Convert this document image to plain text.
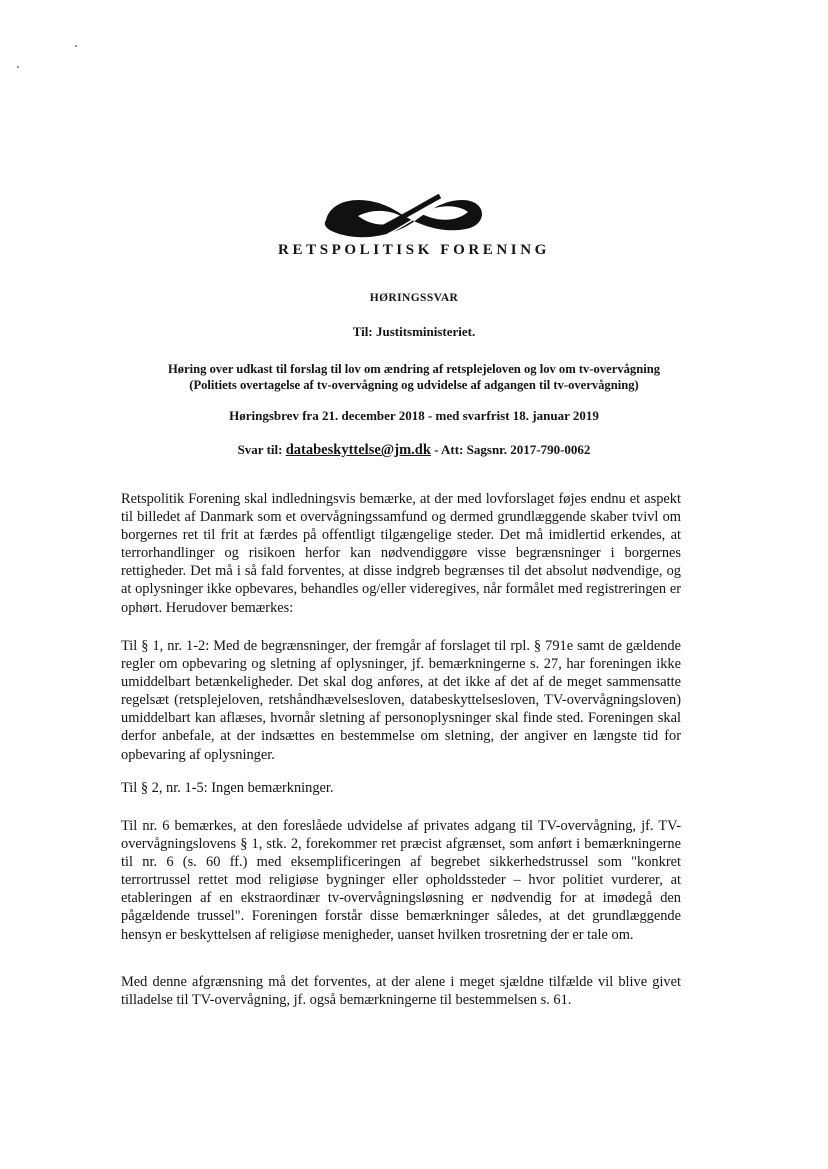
RETSPOLITISK FORENING
HØRINGSSVAR
Til: Justitsministeriet.
Høring over udkast til forslag til lov om ændring af retsplejeloven og lov om tv-overvågning
(Politiets overtagelse af tv-overvågning og udvidelse af adgangen til tv-overvågning)
Høringsbrev fra 21. december 2018 - med svarfrist 18. januar 2019
Svar til: databeskyttelse@jm.dk - Att: Sagsnr. 2017-790-0062

Retspolitik Forening skal indledningsvis bemærke, at der med lovforslaget føjes endnu et aspekt til billedet af Danmark som et overvågningssamfund og dermed grundlæggende skaber tvivl om borgernes ret til frit at færdes på offentligt tilgængelige steder. Det må imidlertid erkendes, at terrorhandlinger og risikoen herfor kan nødvendiggøre visse begrænsninger i borgernes rettigheder. Det må i så fald forventes, at disse indgreb begrænses til det absolut nødvendige, og at oplysninger ikke opbevares, behandles og/eller videregives, når formålet med registreringen er ophørt. Herudover bemærkes:

Til § 1, nr. 1-2: Med de begrænsninger, der fremgår af forslaget til rpl. § 791e samt de gældende regler om opbevaring og sletning af oplysninger, jf. bemærkningerne s. 27, har foreningen ikke umiddelbart betænkeligheder. Det skal dog anføres, at det ikke af det af de meget sammensatte regelsæt (retsplejeloven, retshåndhævelsesloven, databeskyttelsesloven, TV-overvågningsloven) umiddelbart kan aflæses, hvornår sletning af personoplysninger skal finde sted. Foreningen skal derfor anbefale, at der indsættes en bestemmelse om sletning, der angiver en længste tid for opbevaring af oplysninger.

Til § 2, nr. 1-5: Ingen bemærkninger.

Til nr. 6 bemærkes, at den foreslåede udvidelse af privates adgang til TV-overvågning, jf. TV-overvågningslovens § 1, stk. 2, forekommer ret præcist afgrænset, som anført i bemærkningerne til nr. 6 (s. 60 ff.) med eksemplificeringen af begrebet sikkerhedstrussel som "konkret terrortrussel rettet mod religiøse bygninger eller opholdssteder – hvor politiet vurderer, at etableringen af en ekstraordinær tv-overvågningsløsning er nødvendig for at imødegå den pågældende trussel". Foreningen forstår disse bemærkninger således, at det grundlæggende hensyn er beskyttelsen af religiøse menigheder, uanset hvilken trosretning der er tale om.

Med denne afgrænsning må det forventes, at der alene i meget sjældne tilfælde vil blive givet tilladelse til TV-overvågning, jf. også bemærkningerne til bestemmelsen s. 61.
